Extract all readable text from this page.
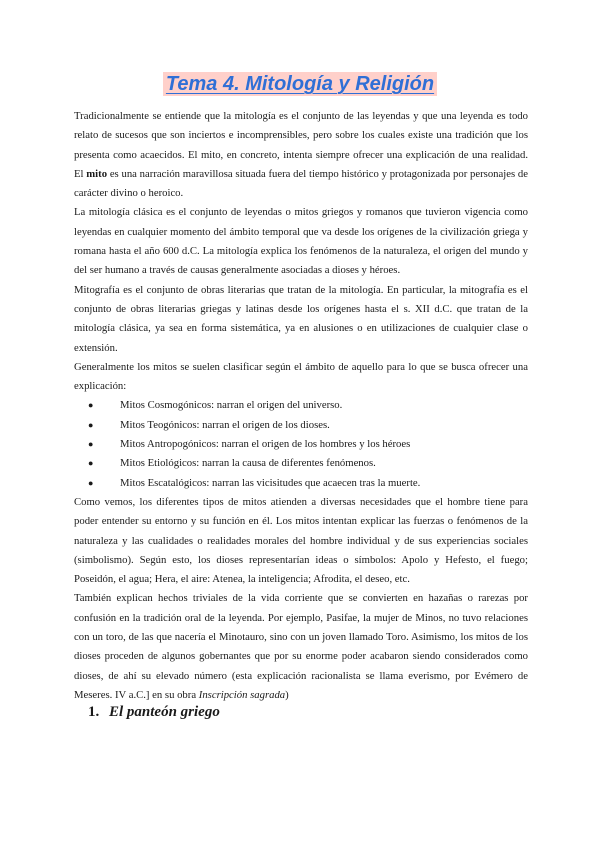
Tema 4. Mitología y Religión

Tradicionalmente se entiende que la mitología es el conjunto de las leyendas y que una leyenda es todo relato de sucesos que son inciertos e incomprensibles, pero sobre los cuales existe una tradición que los presenta como acaecidos. El mito, en concreto, intenta siempre ofrecer una explicación de una realidad. El mito es una narración maravillosa situada fuera del tiempo histórico y protagonizada por personajes de carácter divino o heroico.

La mitología clásica es el conjunto de leyendas o mitos griegos y romanos que tuvieron vigencia como leyendas en cualquier momento del ámbito temporal que va desde los orígenes de la civilización griega y romana hasta el año 600 d.C. La mitología explica los fenómenos de la naturaleza, el origen del mundo y del ser humano a través de causas generalmente asociadas a dioses y héroes.

Mitografía es el conjunto de obras literarias que tratan de la mitología. En particular, la mitografía es el conjunto de obras literarias griegas y latinas desde los orígenes hasta el s. XII d.C. que tratan de la mitología clásica, ya sea en forma sistemática, ya en alusiones o en utilizaciones de cualquier clase o extensión.

Generalmente los mitos se suelen clasificar según el ámbito de aquello para lo que se busca ofrecer una explicación:

● Mitos Cosmogónicos: narran el origen del universo.
● Mitos Teogónicos: narran el origen de los dioses.
● Mitos Antropogónicos: narran el origen de los hombres y los héroes
● Mitos Etiológicos: narran la causa de diferentes fenómenos.
● Mitos Escatalógicos: narran las vicisitudes que acaecen tras la muerte.

Como vemos, los diferentes tipos de mitos atienden a diversas necesidades que el hombre tiene para poder entender su entorno y su función en él. Los mitos intentan explicar las fuerzas o fenómenos de la naturaleza y las cualidades o realidades morales del hombre individual y de sus experiencias sociales (simbolismo). Según esto, los dioses representarían ideas o símbolos: Apolo y Hefesto, el fuego; Poseidón, el agua; Hera, el aire: Atenea, la inteligencia; Afrodita, el deseo, etc.

También explican hechos triviales de la vida corriente que se convierten en hazañas o rarezas por confusión en la tradición oral de la leyenda. Por ejemplo, Pasifae, la mujer de Minos, no tuvo relaciones con un toro, de las que nacería el Minotauro, sino con un joven llamado Toro. Asimismo, los mitos de los dioses proceden de algunos gobernantes que por su enorme poder acabaron siendo considerados como dioses, de ahí su elevado número (esta explicación racionalista se llama everismo, por Evémero de Meseres. IV a.C.] en su obra Inscripción sagrada)

1. El panteón griego
